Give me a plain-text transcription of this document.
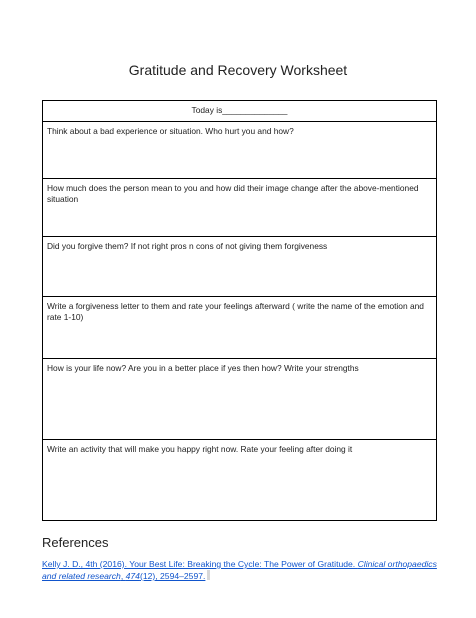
Gratitude and Recovery Worksheet
Today is______________
Think about a bad experience or situation. Who hurt you and how?
How much does the person mean to you and how did their image change after the above-mentioned situation
Did you forgive them? If not right pros n cons of not giving them forgiveness
Write a forgiveness letter to them and rate your feelings afterward ( write the name of the emotion and rate 1-10)
How is your life now? Are you in a better place if yes then how? Write your strengths
Write an activity that will make you happy right now. Rate your feeling after doing it
References
Kelly J. D., 4th (2016). Your Best Life: Breaking the Cycle: The Power of Gratitude. Clinical orthopaedics and related research, 474(12), 2594–2597.
